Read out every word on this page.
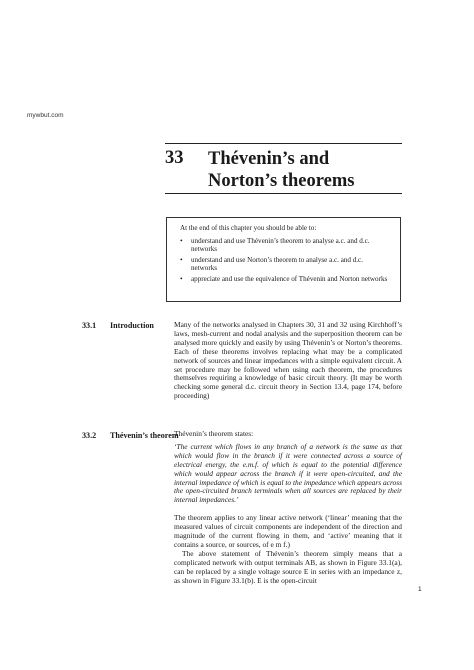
mywbut.com
33 Thévenin’s and
Norton’s theorems
At the end of this chapter you should be able to:
• understand and use Thévenin’s theorem to analyse a.c. and d.c. networks
• understand and use Norton’s theorem to analyse a.c. and d.c. networks
• appreciate and use the equivalence of Thévenin and Norton networks
33.1 Introduction	Many of the networks analysed in Chapters 30, 31 and 32 using Kirchhoff’s laws, mesh-current and nodal analysis and the superposition theorem can be analysed more quickly and easily by using Thévenin’s or Norton’s theorems. Each of these theorems involves replacing what may be a complicated network of sources and linear impedances with a simple equivalent circuit. A set procedure may be followed when using each theorem, the procedures themselves requiring a knowledge of basic circuit theory. (It may be worth checking some general d.c. circuit theory in Section 13.4, page 174, before proceeding)

33.2 Thévenin’s theorem

Thévenin’s theorem states:

‘The current which flows in any branch of a network is the same as that which would flow in the branch if it were connected across a source of electrical energy, the e.m.f. of which is equal to the potential difference which would appear across the branch if it were open-circuited, and the internal impedance of which is equal to the impedance which appears across the open-circuited branch terminals when all sources are replaced by their internal impedances.’

The theorem applies to any linear active network (‘linear’ meaning that the measured values of circuit components are independent of the direction and magnitude of the current flowing in them, and ‘active’ meaning that it contains a source, or sources, of e m f.)

The above statement of Thévenin’s theorem simply means that a complicated network with output terminals AB, as shown in Figure 33.1(a), can be replaced by a single voltage source E in series with an impedance z, as shown in Figure 33.1(b). E is the open-circuit

1
